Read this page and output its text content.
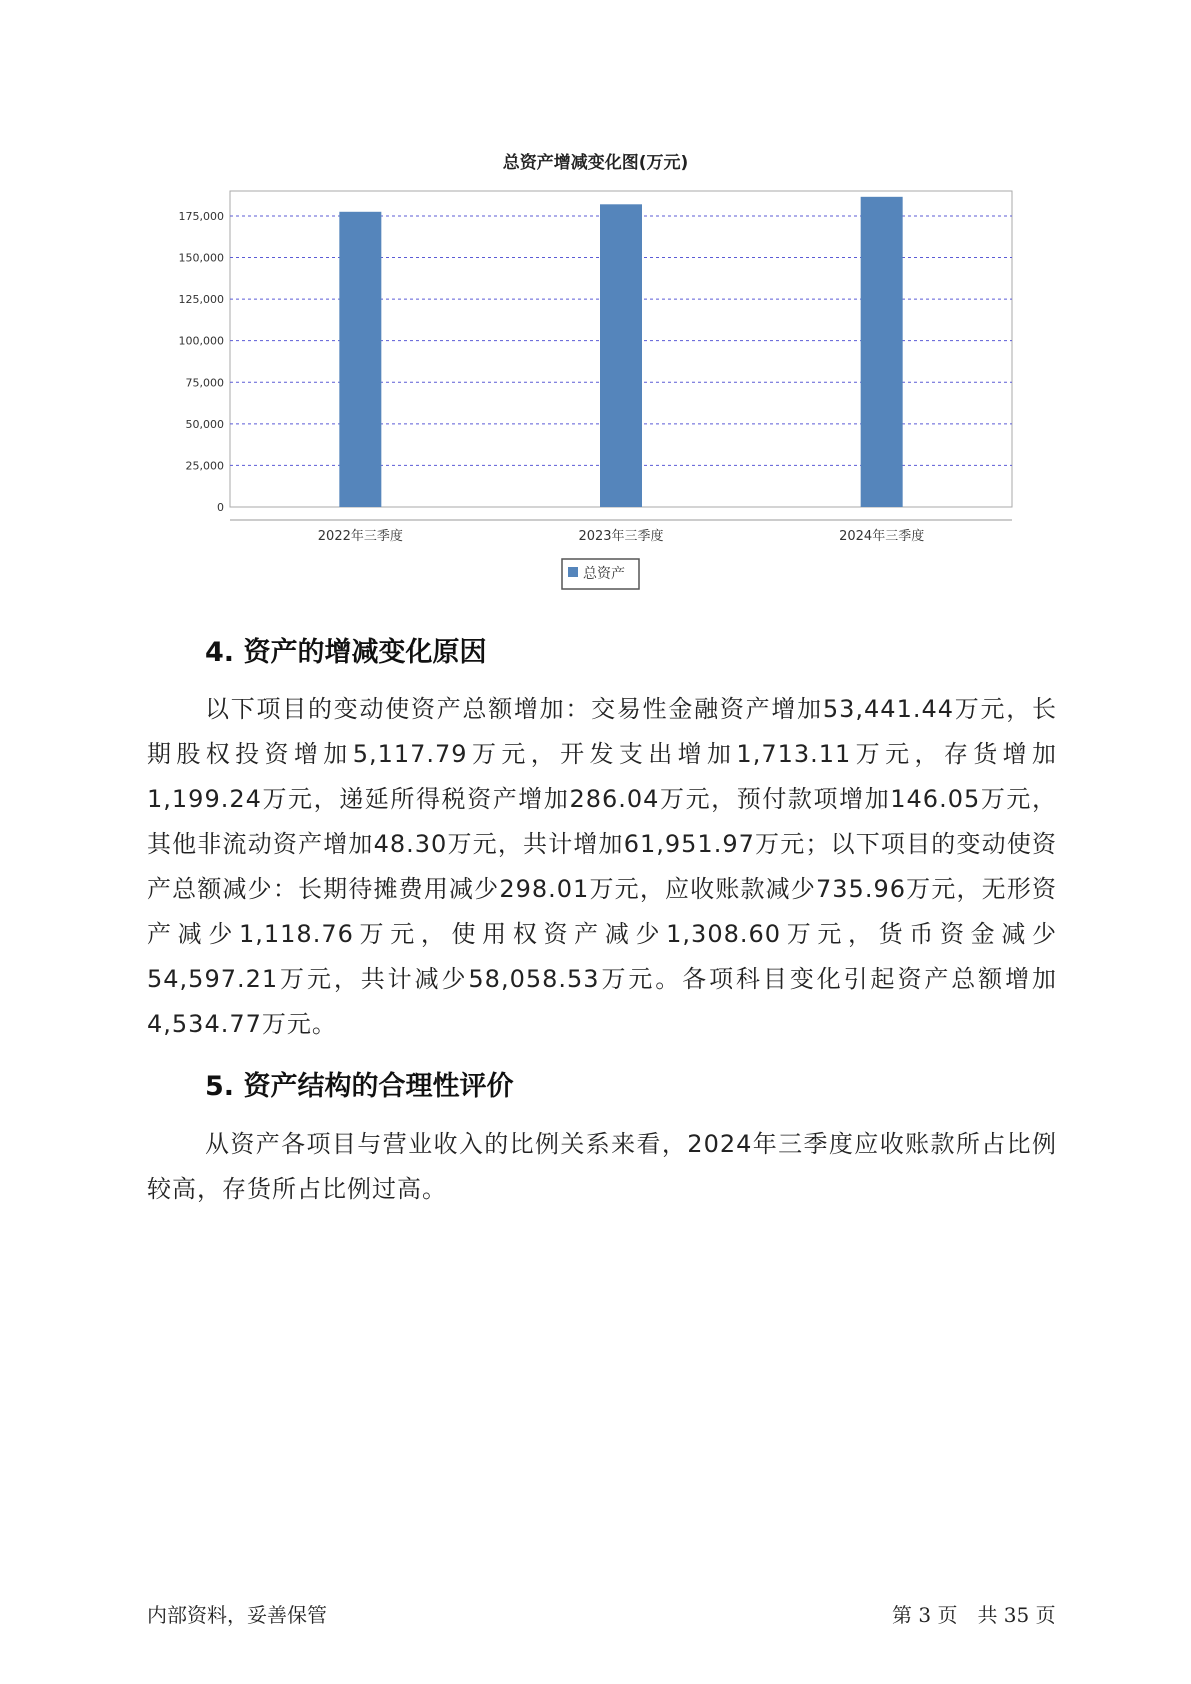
总资产增减变化图(万元)
0
25,000
50,000
75,000
100,000
125,000
150,000
175,000
2022年三季度	2023年三季度	2024年三季度
总资产
4. 资产的增减变化原因

以下项目的变动使资产总额增加：交易性金融资产增加53,441.44万元，长期股权投资增加5,117.79万元，开发支出增加1,713.11万元，存货增加1,199.24万元，递延所得税资产增加286.04万元，预付款项增加146.05万元，其他非流动资产增加48.30万元，共计增加61,951.97万元；以下项目的变动使资产总额减少：长期待摊费用减少298.01万元，应收账款减少735.96万元，无形资产减少1,118.76万元，使用权资产减少1,308.60万元，货币资金减少54,597.21万元，共计减少58,058.53万元。各项科目变化引起资产总额增加4,534.77万元。

5. 资产结构的合理性评价

从资产各项目与营业收入的比例关系来看，2024年三季度应收账款所占比例较高，存货所占比例过高。

内部资料，妥善保管	第 3 页　共 35 页
